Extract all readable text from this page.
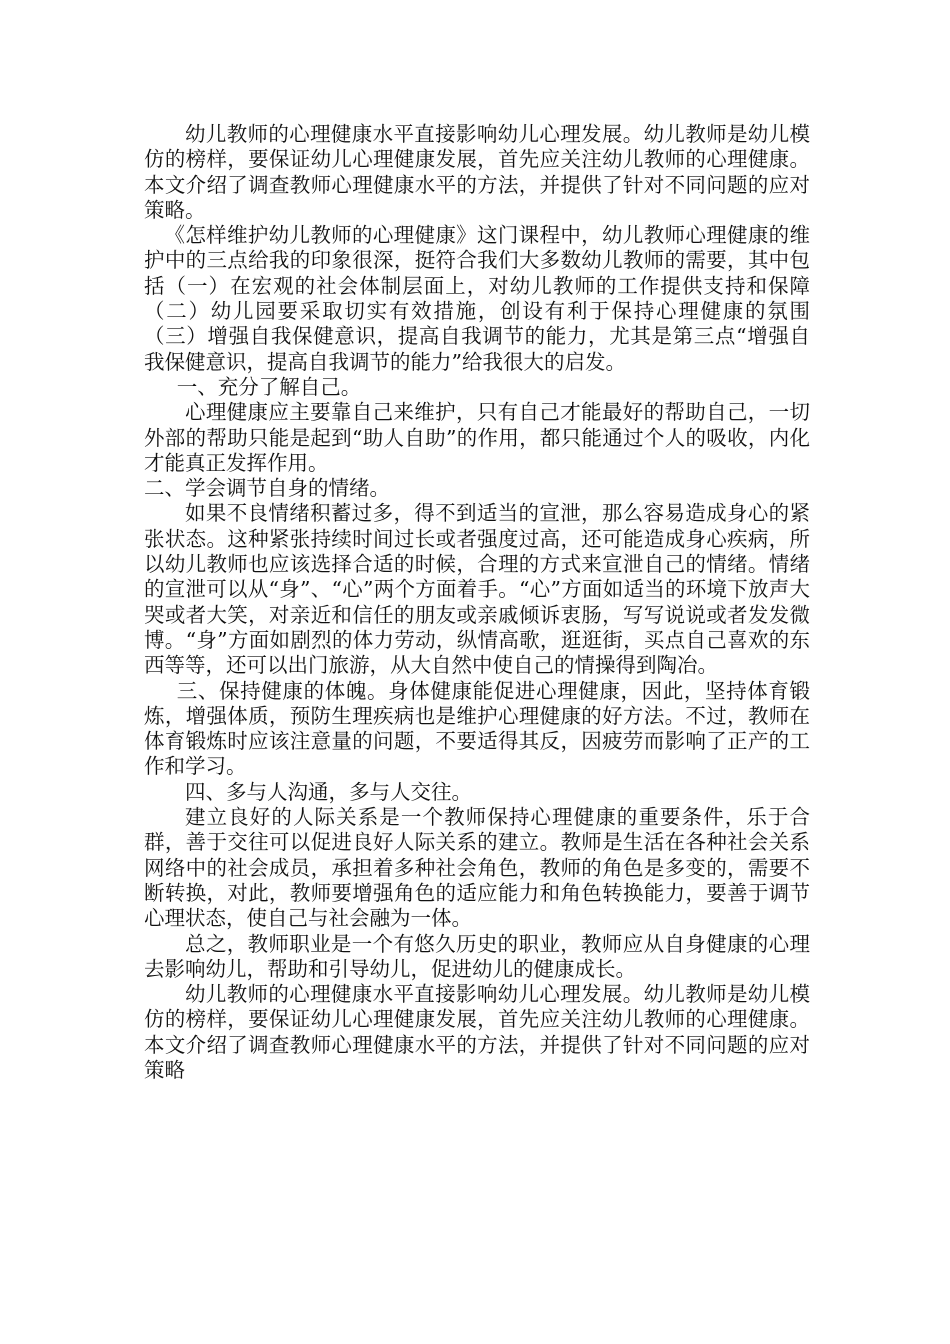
幼儿教师的心理健康水平直接影响幼儿心理发展。幼儿教师是幼儿模仿的榜样，要保证幼儿心理健康发展，首先应关注幼儿教师的心理健康。本文介绍了调查教师心理健康水平的方法，并提供了针对不同问题的应对策略。

《怎样维护幼儿教师的心理健康》这门课程中，幼儿教师心理健康的维护中的三点给我的印象很深，挺符合我们大多数幼儿教师的需要，其中包括（一）在宏观的社会体制层面上，对幼儿教师的工作提供支持和保障（二）幼儿园要采取切实有效措施，创设有利于保持心理健康的氛围（三）增强自我保健意识，提高自我调节的能力，尤其是第三点“增强自我保健意识，提高自我调节的能力”给我很大的启发。

一、充分了解自己。

心理健康应主要靠自己来维护，只有自己才能最好的帮助自己，一切外部的帮助只能是起到“助人自助”的作用，都只能通过个人的吸收，内化才能真正发挥作用。

二、学会调节自身的情绪。

如果不良情绪积蓄过多，得不到适当的宣泄，那么容易造成身心的紧张状态。这种紧张持续时间过长或者强度过高，还可能造成身心疾病，所以幼儿教师也应该选择合适的时候，合理的方式来宣泄自己的情绪。情绪的宣泄可以从“身”、“心”两个方面着手。“心”方面如适当的环境下放声大哭或者大笑，对亲近和信任的朋友或亲戚倾诉衷肠，写写说说或者发发微博。“身”方面如剧烈的体力劳动，纵情高歌，逛逛街，买点自己喜欢的东西等等，还可以出门旅游，从大自然中使自己的情操得到陶冶。

三、保持健康的体魄。身体健康能促进心理健康，因此，坚持体育锻炼，增强体质，预防生理疾病也是维护心理健康的好方法。不过，教师在体育锻炼时应该注意量的问题，不要适得其反，因疲劳而影响了正产的工作和学习。

四、多与人沟通，多与人交往。

建立良好的人际关系是一个教师保持心理健康的重要条件，乐于合群，善于交往可以促进良好人际关系的建立。教师是生活在各种社会关系网络中的社会成员，承担着多种社会角色，教师的角色是多变的，需要不断转换，对此，教师要增强角色的适应能力和角色转换能力，要善于调节心理状态，使自己与社会融为一体。

总之，教师职业是一个有悠久历史的职业，教师应从自身健康的心理去影响幼儿，帮助和引导幼儿，促进幼儿的健康成长。

幼儿教师的心理健康水平直接影响幼儿心理发展。幼儿教师是幼儿模仿的榜样，要保证幼儿心理健康发展，首先应关注幼儿教师的心理健康。本文介绍了调查教师心理健康水平的方法，并提供了针对不同问题的应对策略
